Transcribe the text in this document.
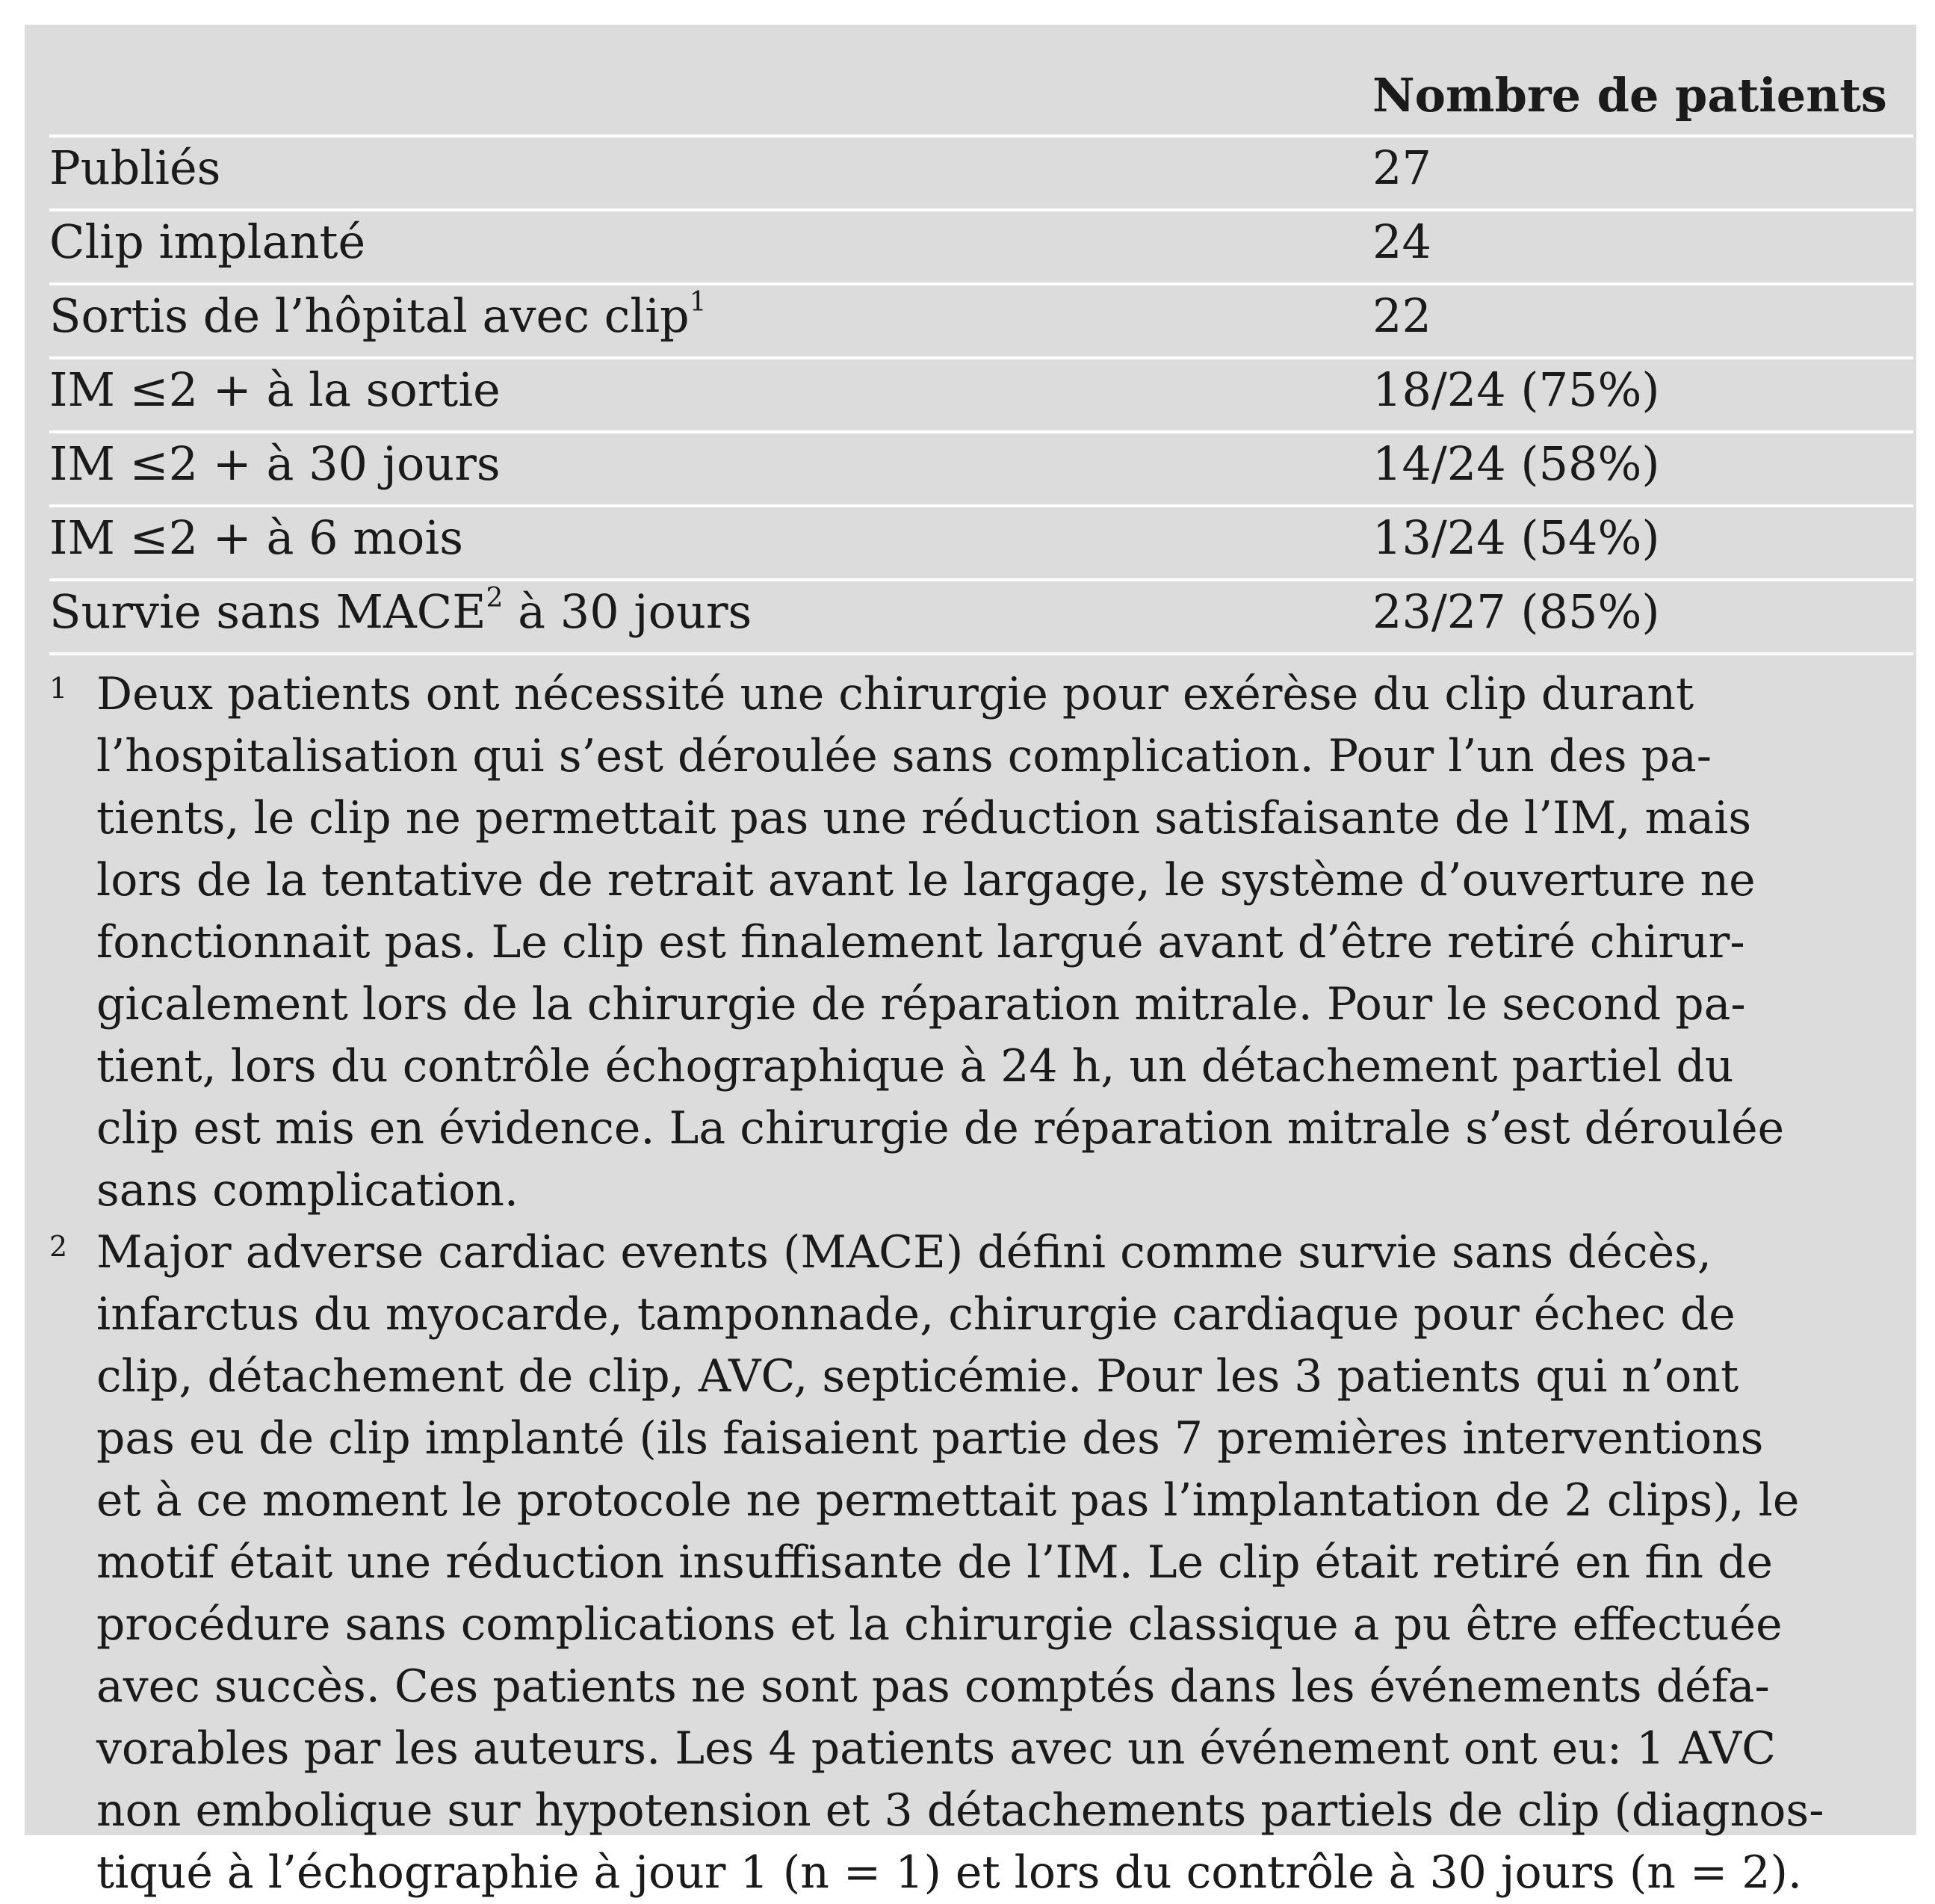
Nombre de patients
Publiés	27
Clip implanté	24
Sortis de l’hôpital avec clip$^1$	22
IM ≤2 + à la sortie	18/24 (75%)
IM ≤2 + à 30 jours	14/24 (58%)
IM ≤2 + à 6 mois	13/24 (54%)
Survie sans MACE$^2$ à 30 jours	23/27 (85%)
1 Deux patients ont nécessité une chirurgie pour exérèse du clip durant
l’hospitalisation qui s’est déroulée sans complication. Pour l’un des pa-
tients, le clip ne permettait pas une réduction satisfaisante de l’IM, mais
lors de la tentative de retrait avant le largage, le système d’ouverture ne
fonctionnait pas. Le clip est finalement largué avant d’être retiré chirur-
gicalement lors de la chirurgie de réparation mitrale. Pour le second pa-
tient, lors du contrôle échographique à 24 h, un détachement partiel du
clip est mis en évidence. La chirurgie de réparation mitrale s’est déroulée
sans complication.
2 Major adverse cardiac events (MACE) défini comme survie sans décès,
infarctus du myocarde, tamponnade, chirurgie cardiaque pour échec de
clip, détachement de clip, AVC, septicémie. Pour les 3 patients qui n’ont
pas eu de clip implanté (ils faisaient partie des 7 premières interventions
et à ce moment le protocole ne permettait pas l’implantation de 2 clips), le
motif était une réduction insuffisante de l’IM. Le clip était retiré en fin de
procédure sans complications et la chirurgie classique a pu être effectuée
avec succès. Ces patients ne sont pas comptés dans les événements défa-
vorables par les auteurs. Les 4 patients avec un événement ont eu: 1 AVC
non embolique sur hypotension et 3 détachements partiels de clip (diagnos-
tiqué à l’échographie à jour 1 (n = 1) et lors du contrôle à 30 jours (n = 2).
